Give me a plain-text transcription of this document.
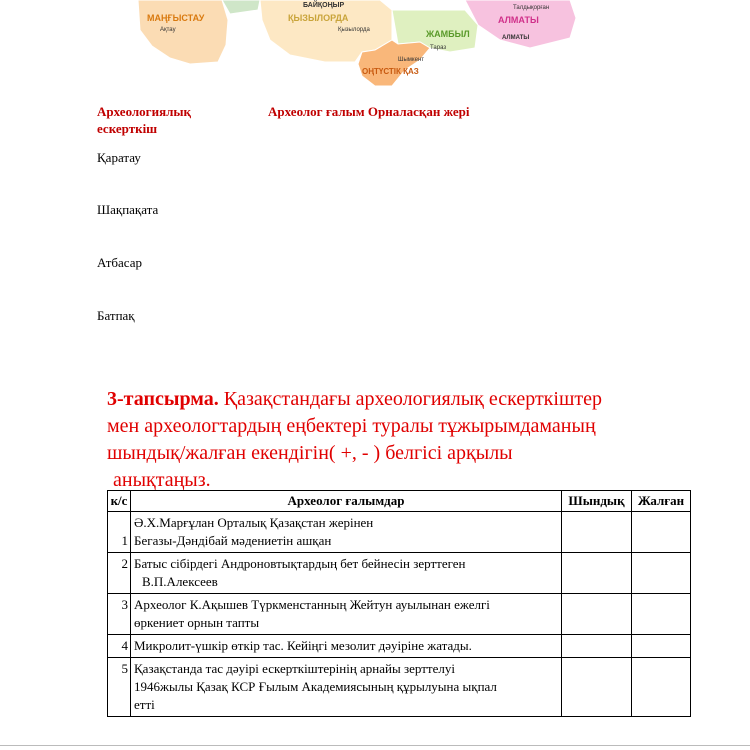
МАҢҒЫСТАУ
Ақтау
БАЙҚОҢЫР
ҚЫЗЫЛОРДА
Қызылорда	ЖАМБЫЛ
АЛМАТЫ
Талдықорған
АЛМАТЫ
Тараз
Шымкент
ОҢТҮСТІК ҚАЗ
Археологиялық ескерткіш
Археолог ғалым Орналасқан жері
Қаратау
Шақпақата
Атбасар
Батпақ
3-тапсырма. Қазақстандағы археологиялық ескерткіштер
мен археологтардың еңбектері туралы тұжырымдаманың
шындық/жалған екендігін( +, - ) белгісі арқылы
анықтаңыз.
к/с	Археолог ғалымдар	Шындық	Жалған
1	Ә.Х.Марғұлан Орталық Қазақстан жерінен
Бегазы-Дәндібай мәдениетін ашқан		

2	Батыс сібірдегі Андроновтықтардың бет бейнесін зерттеген
В.П.Алексеев		

3	Археолог К.Ақышев Түркменстанның Жейтун ауылынан ежелгі
өркениет орнын тапты		

4	Микролит-үшкір өткір тас. Кейіңгі мезолит дәуіріне жатады.		

5	Қазақстанда тас дәуірі ескерткіштерінің арнайы зерттелуі
1946жылы Қазақ КСР Ғылым Академиясының құрылуына ықпал
етті		
